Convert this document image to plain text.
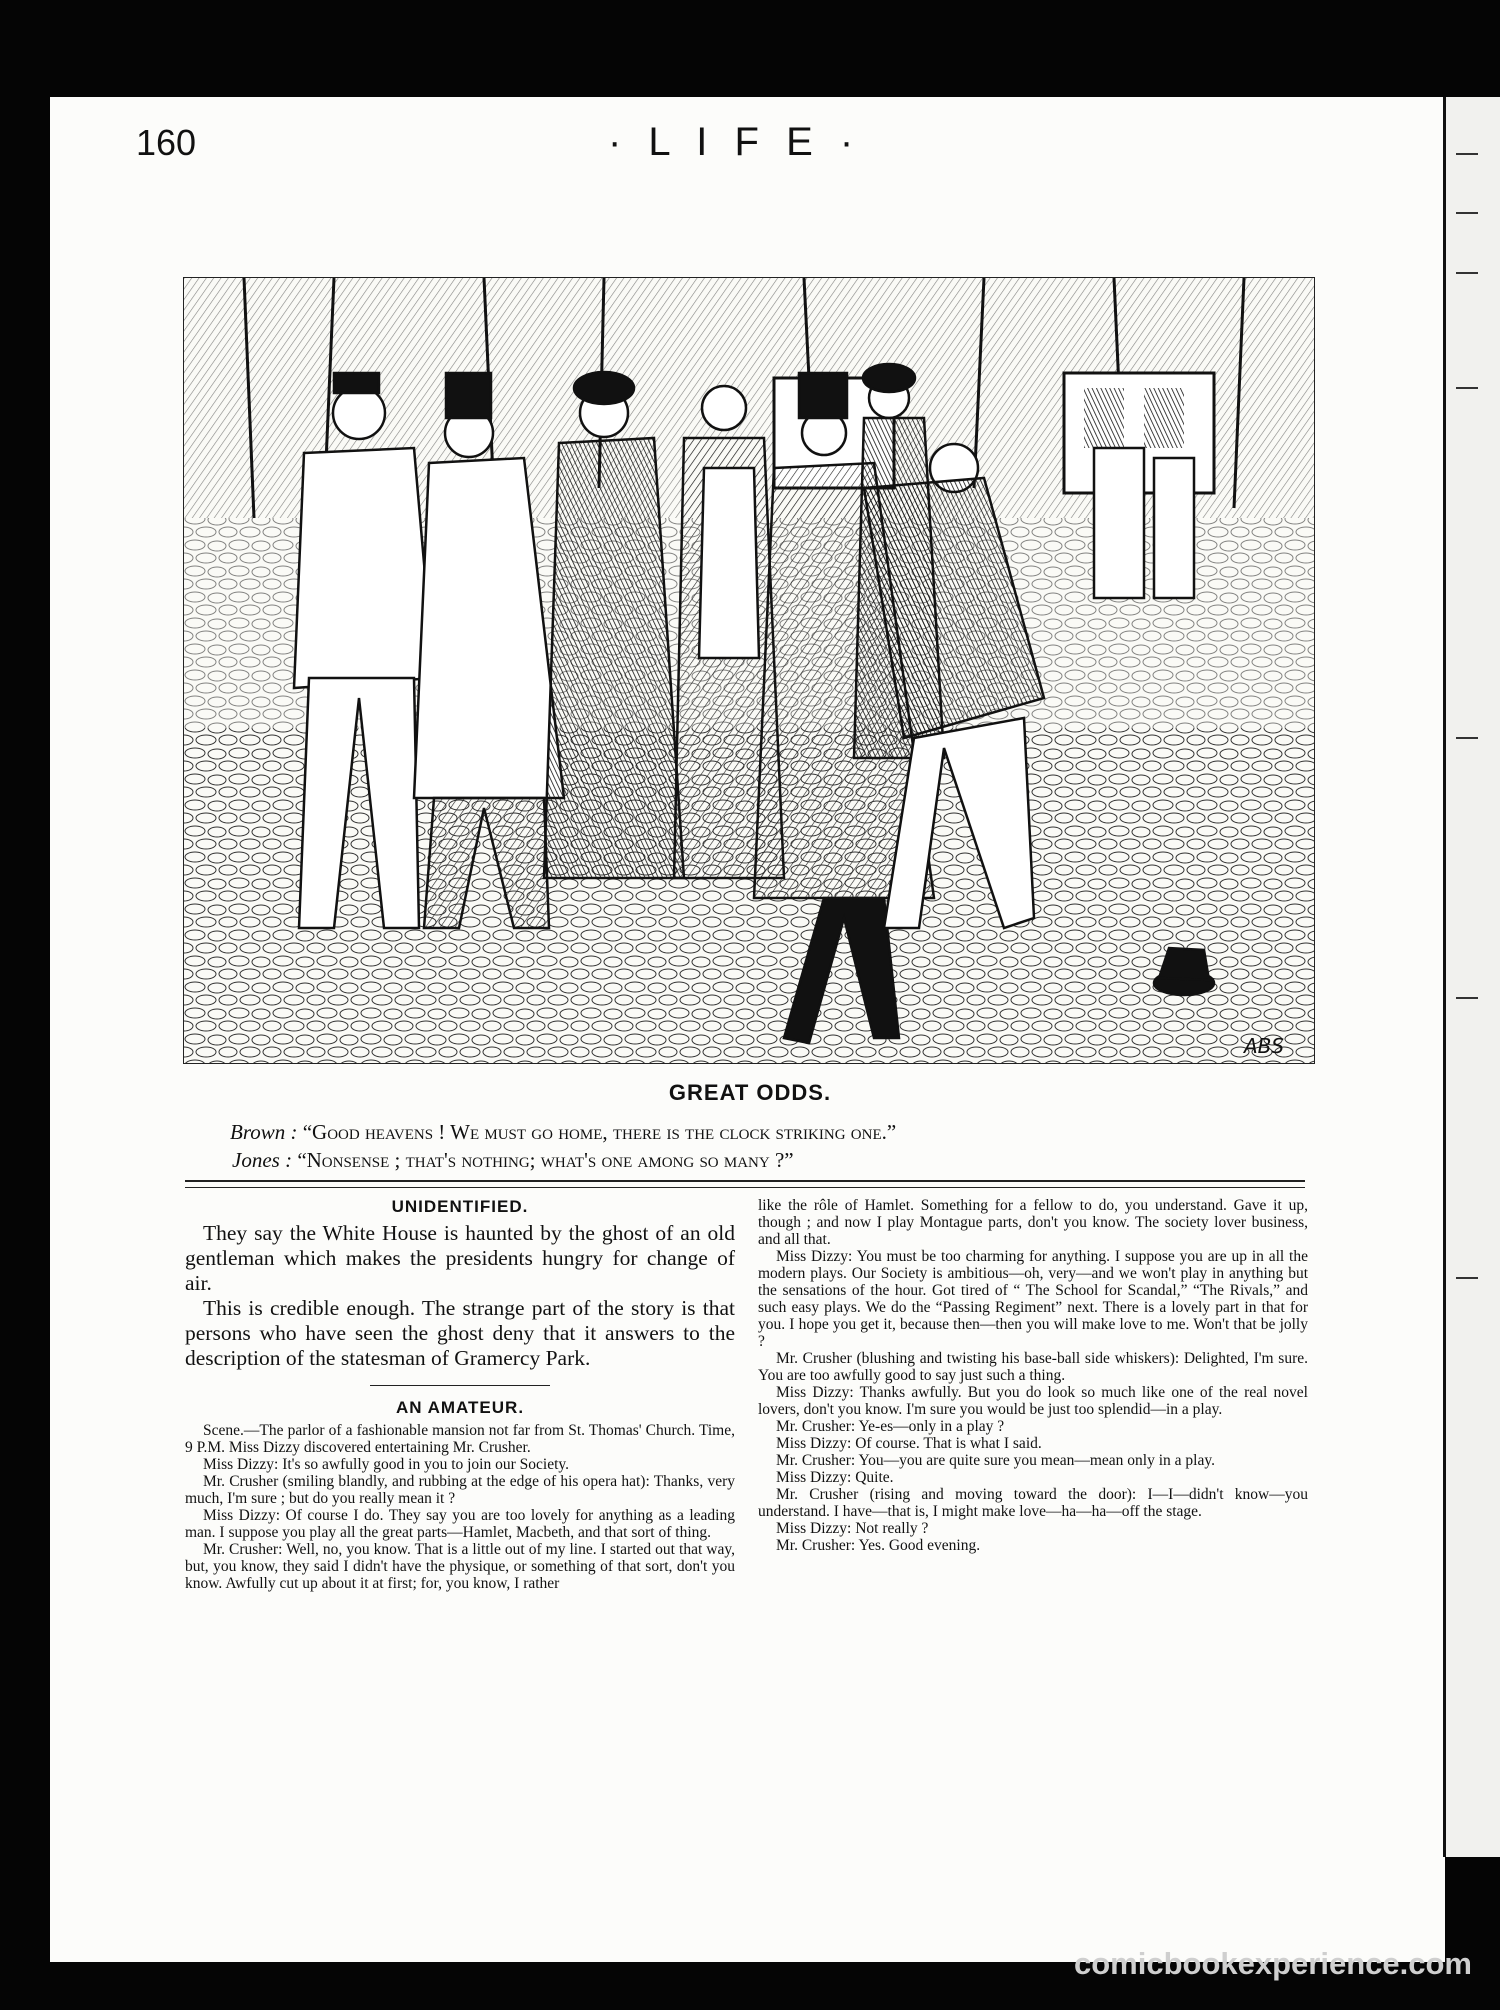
160	· L I F E ·
ABS
GREAT ODDS.
Brown : “Good heavens ! We must go home, there is the clock striking one.”
Jones : “Nonsense ; that's nothing; what's one among so many ?”
UNIDENTIFIED.

They say the White House is haunted by the ghost of an old gentleman which makes the presidents hungry for change of air.

This is credible enough. The strange part of the story is that persons who have seen the ghost deny that it answers to the description of the statesman of Gramercy Park.

AN AMATEUR.

Scene.—The parlor of a fashionable mansion not far from St. Thomas' Church. Time, 9 P.M. Miss Dizzy discovered entertaining Mr. Crusher.

Miss Dizzy: It's so awfully good in you to join our Society.

Mr. Crusher (smiling blandly, and rubbing at the edge of his opera hat): Thanks, very much, I'm sure ; but do you really mean it ?

Miss Dizzy: Of course I do. They say you are too lovely for anything as a leading man. I suppose you play all the great parts—Hamlet, Macbeth, and that sort of thing.

Mr. Crusher: Well, no, you know. That is a little out of my line. I started out that way, but, you know, they said I didn't have the physique, or something of that sort, don't you know. Awfully cut up about it at first; for, you know, I rather

like the rôle of Hamlet. Something for a fellow to do, you understand. Gave it up, though ; and now I play Montague parts, don't you know. The society lover business, and all that.

Miss Dizzy: You must be too charming for anything. I suppose you are up in all the modern plays. Our Society is ambitious—oh, very—and we won't play in anything but the sensations of the hour. Got tired of “ The School for Scandal,” “The Rivals,” and such easy plays. We do the “Passing Regiment” next. There is a lovely part in that for you. I hope you get it, because then—then you will make love to me. Won't that be jolly ?

Mr. Crusher (blushing and twisting his base-ball side whiskers): Delighted, I'm sure. You are too awfully good to say just such a thing.

Miss Dizzy: Thanks awfully. But you do look so much like one of the real novel lovers, don't you know. I'm sure you would be just too splendid—in a play.

Mr. Crusher: Ye-es—only in a play ?

Miss Dizzy: Of course. That is what I said.

Mr. Crusher: You—you are quite sure you mean—mean only in a play.

Miss Dizzy: Quite.

Mr. Crusher (rising and moving toward the door): I—I—didn't know—you understand. I have—that is, I might make love—ha—ha—off the stage.

Miss Dizzy: Not really ?

Mr. Crusher: Yes. Good evening.

comicbookexperience.com
